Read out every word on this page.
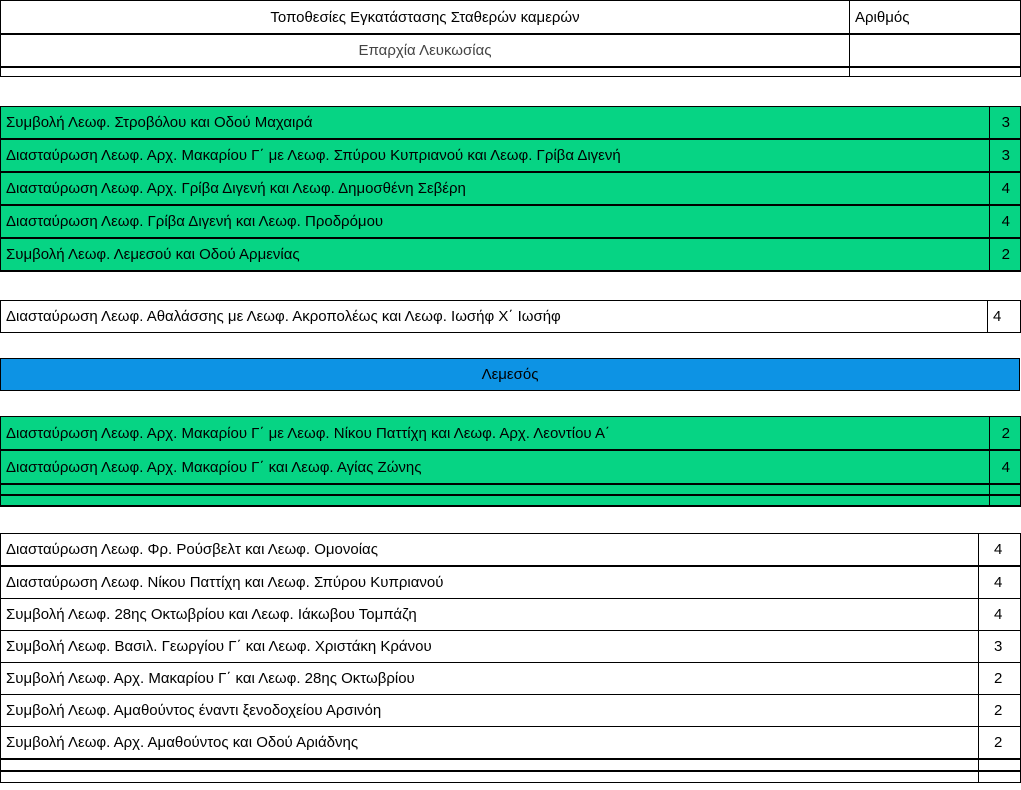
Τοποθεσίες Εγκατάστασης Σταθερών καμερών	Αριθμός
Επαρχία Λευκωσίας	

Συμβολή Λεωφ. Στροβόλου και Οδού Μαχαιρά	3
Διασταύρωση Λεωφ. Αρχ. Μακαρίου Γ΄ με Λεωφ. Σπύρου Κυπριανού και Λεωφ. Γρίβα Διγενή	3
Διασταύρωση Λεωφ. Αρχ. Γρίβα Διγενή και Λεωφ. Δημοσθένη Σεβέρη	4
Διασταύρωση Λεωφ. Γρίβα Διγενή και Λεωφ. Προδρόμου	4
Συμβολή Λεωφ. Λεμεσού και Οδού Αρμενίας	2
Διασταύρωση Λεωφ. Αθαλάσσης με Λεωφ. Ακροπολέως και Λεωφ. Ιωσήφ Χ΄ Ιωσήφ	4
Λεμεσός
Διασταύρωση Λεωφ. Αρχ. Μακαρίου Γ΄ με Λεωφ. Νίκου Παττίχη και Λεωφ. Αρχ. Λεοντίου Α΄	2
Διασταύρωση Λεωφ. Αρχ. Μακαρίου Γ΄ και Λεωφ. Αγίας Ζώνης	4

Διασταύρωση Λεωφ. Φρ. Ρούσβελτ και Λεωφ. Ομονοίας	4
Διασταύρωση Λεωφ. Νίκου Παττίχη και Λεωφ. Σπύρου Κυπριανού	4
Συμβολή Λεωφ. 28ης Οκτωβρίου και Λεωφ. Ιάκωβου Τομπάζη	4
Συμβολή Λεωφ. Βασιλ. Γεωργίου Γ΄ και Λεωφ. Χριστάκη Κράνου	3
Συμβολή Λεωφ. Αρχ. Μακαρίου Γ΄ και Λεωφ. 28ης Οκτωβρίου	2
Συμβολή Λεωφ. Αμαθούντος έναντι ξενοδοχείου Αρσινόη	2
Συμβολή Λεωφ. Αρχ. Αμαθούντος και Οδού Αριάδνης	2
